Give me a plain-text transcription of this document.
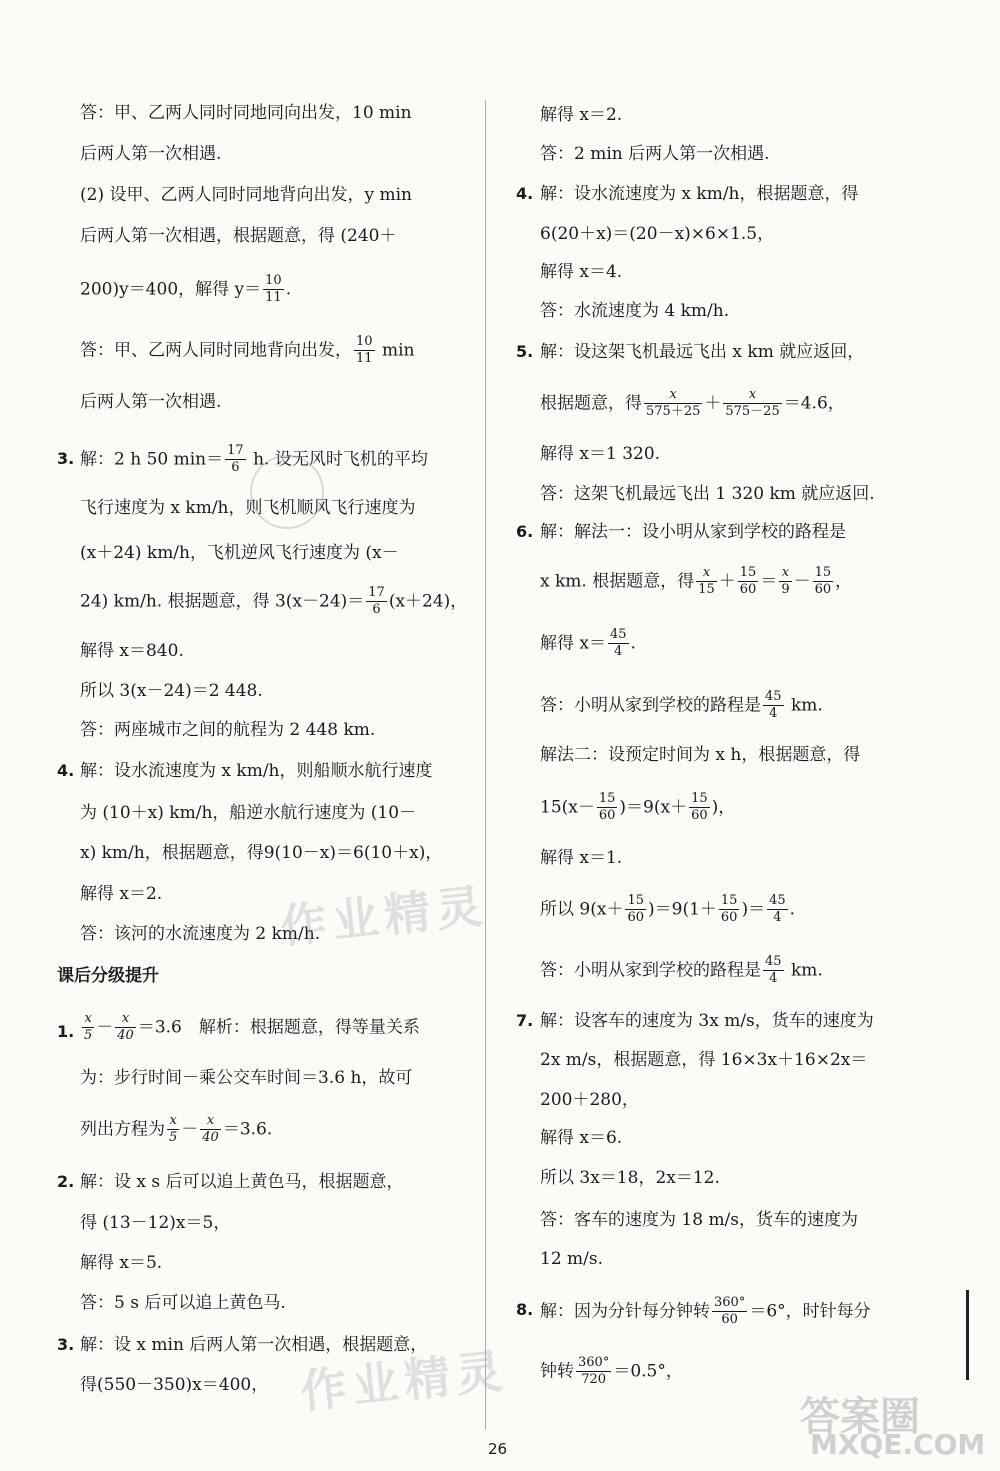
答：甲、乙两人同时同地同向出发，10 min
后两人第一次相遇.
(2) 设甲、乙两人同时同地背向出发，y min
后两人第一次相遇，根据题意，得 (240＋
200)y＝400，解得 $y= \frac{10}{11}$ .
答：甲、乙两人同时同地背向出发， $\frac{10}{11}$ min
后两人第一次相遇.
3. 解：2 h 50 $\min= \frac{17}{6} h$. 设无风时飞机的平均
飞行速度为 x km/h，则飞机顺风飞行速度为
(x＋24) km/h，飞机逆风飞行速度为 (x－
24) km/h. 根据题意，得 $3(x-24)= \frac{17}{6} (x+24)$，
解得 x＝840.
所以 3(x－24)＝2 448.
答：两座城市之间的航程为 2 448 km.
4. 解：设水流速度为 x km/h，则船顺水航行速度
为 (10＋x) km/h，船逆水航行速度为 (10－
x) km/h，根据题意，得9(10－x)＝6(10＋x)，
解得 x＝2.
答：该河的水流速度为 2 km/h.
课后分级提升
1. $\frac{x}{5} - \frac{x}{40} =3.6$　解析：根据题意，得等量关系
为：步行时间－乘公交车时间＝3.6 h，故可
列出方程为 $\frac{x}{5} - \frac{x}{40} =3.6$.
2. 解：设 x s 后可以追上黄色马，根据题意，
得 (13－12)x＝5，
解得 x＝5.
答：5 s 后可以追上黄色马.
3. 解：设 x min 后两人第一次相遇，根据题意，
得(550－350)x＝400，
解得 x＝2.
答：2 min 后两人第一次相遇.
4. 解：设水流速度为 x km/h，根据题意，得
6(20＋x)＝(20－x)×6×1.5，
解得 x＝4.
答：水流速度为 4 km/h.
5. 解：设这架飞机最远飞出 x km 就应返回，
根据题意，得 $\frac{x}{575+25} + \frac{x}{575-25} =4.6$，
解得 x＝1 320.
答：这架飞机最远飞出 1 320 km 就应返回.
6. 解：解法一：设小明从家到学校的路程是
x km. 根据题意，得 $\frac{x}{15} + \frac{15}{60} = \frac{x}{9} - \frac{15}{60}$ ，
解得 $x= \frac{45}{4}$ .
答：小明从家到学校的路程是 $\frac{45}{4}$ km.
解法二：设预定时间为 x h，根据题意，得
$15(x- \frac{15}{60} )=9(x+ \frac{15}{60}$ )，
解得 x＝1.
所以 $9(x+ \frac{15}{60} )=9(1+ \frac{15}{60}$ )＝ $\frac{45}{4}$ .
答：小明从家到学校的路程是 $\frac{45}{4}$ km.
7. 解：设客车的速度为 3x m/s，货车的速度为
2x m/s，根据题意，得 16×3x＋16×2x＝
200＋280，
解得 x＝6.
所以 3x＝18，2x＝12.
答：客车的速度为 18 m/s，货车的速度为
12 m/s.
8. 解：因为分针每分钟转 $\frac{360^\circ}{60} =6^\circ$，时针每分
钟转 $\frac{360^\circ}{720} =0.5^\circ$，
作业精灵
作业精灵	答案圈
MXQE.COM
26
